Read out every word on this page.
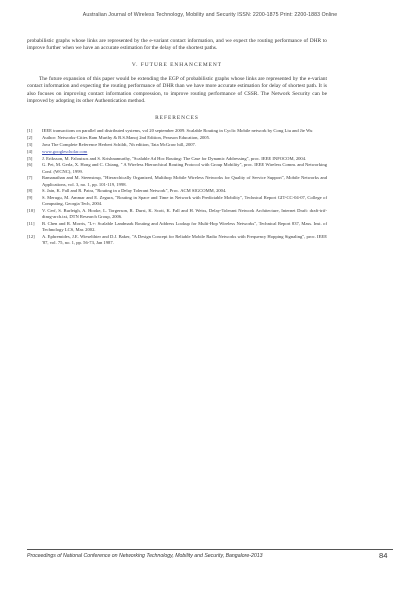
Australian Journal of Wireless Technology, Mobility and Security ISSN: 2200-1875 Print: 2200-1883 Online

probabilistic graphs whose links are represented by the e-variant contact information, and we expect the routing performance of DHR to improve further when we have an accurate estimation for the delay of the shortest paths.

V. FUTURE ENHANCEMENT

The future expansion of this paper would be extending the EGP of probabilistic graphs whose links are represented by the e-variant contact information and expecting the routing performance of DHR than we have more accurate estimation for delay of shortest path. It is also focuses on improving contact information compression, to improve routing performance of CSSR. The Network Security can be improved by adopting its other Authentication method.

REFERENCES

[1]	IEEE transactions on parallel and distributed systems, vol 20 september 2009. Scalable Routing in Cyclic Mobile network by Cong Liu and Jie Wu
[2]	Author: Networks-Cities Ram Murthy & B.S.Manoj 2nd Edition, Pearson Education, 2005.
[3]	Java The Complete Reference Herbert Schildt, 7th edition, Tata McGraw hill, 2007.
[4]	www.googlescholar.com
[5]	J. Eriksson, M. Faloutsos and S. Krishnamurthy, "Scalable Ad Hoc Routing: The Case for Dynamic Addressing", proc. IEEE INFOCOM, 2004.
[6]	G. Pei, M. Gerla, X. Hong and C. Chiang, " A Wireless Hierarchical Routing Protocol with Group Mobility", proc. IEEE Wireless Comm. and Networking Conf. (WCNC), 1999.
[7]	Ramanathan and M. Steenstrup, "Hierarchically Organized, Multihop Mobile Wireless Networks for Quality of Service Support", Mobile Networks and Applications, vol. 3, no. 1, pp. 101-119, 1998.
[8]	S. Jain, K. Fall and R. Patra, "Routing in a Delay Tolerant Network", Proc. ACM SIGCOMM, 2004.
[9]	S. Merugu, M. Ammar and E. Zegura, "Routing in Space and Time in Network with Predictable Mobility", Technical Report GIT-CC-04-07, College of Computing, Georgia Tech, 2004.
[10]	V. Cerf, S. Burleigh, A. Hooke, L. Torgerson, R. Durst, K. Scott, K. Fall and H. Weiss, Delay-Tolerant Network Architecture, Internet Draft: draft-irtf-dtnrg-arch.txt, DTN Research Group, 2006.
[11]	B. Chen and R. Morris, "L+: Scalable Landmark Routing and Address Lookup for Multi-Hop Wireless Networks", Technical Report 837, Mass. Inst. of Technology LCS, Mar. 2002.
[12]	A. Ephremides, J.E. Wieselthier and D.J. Baker, "A Design Concept for Reliable Mobile Radio Networks with Frequency Hopping Signaling", proc. IEEE '87, vol. 75, no. 1, pp. 56-73, Jan 1987.
Proceedings of National Conference on Networking Technology, Mobility and Security, Bangalore-2013	84
